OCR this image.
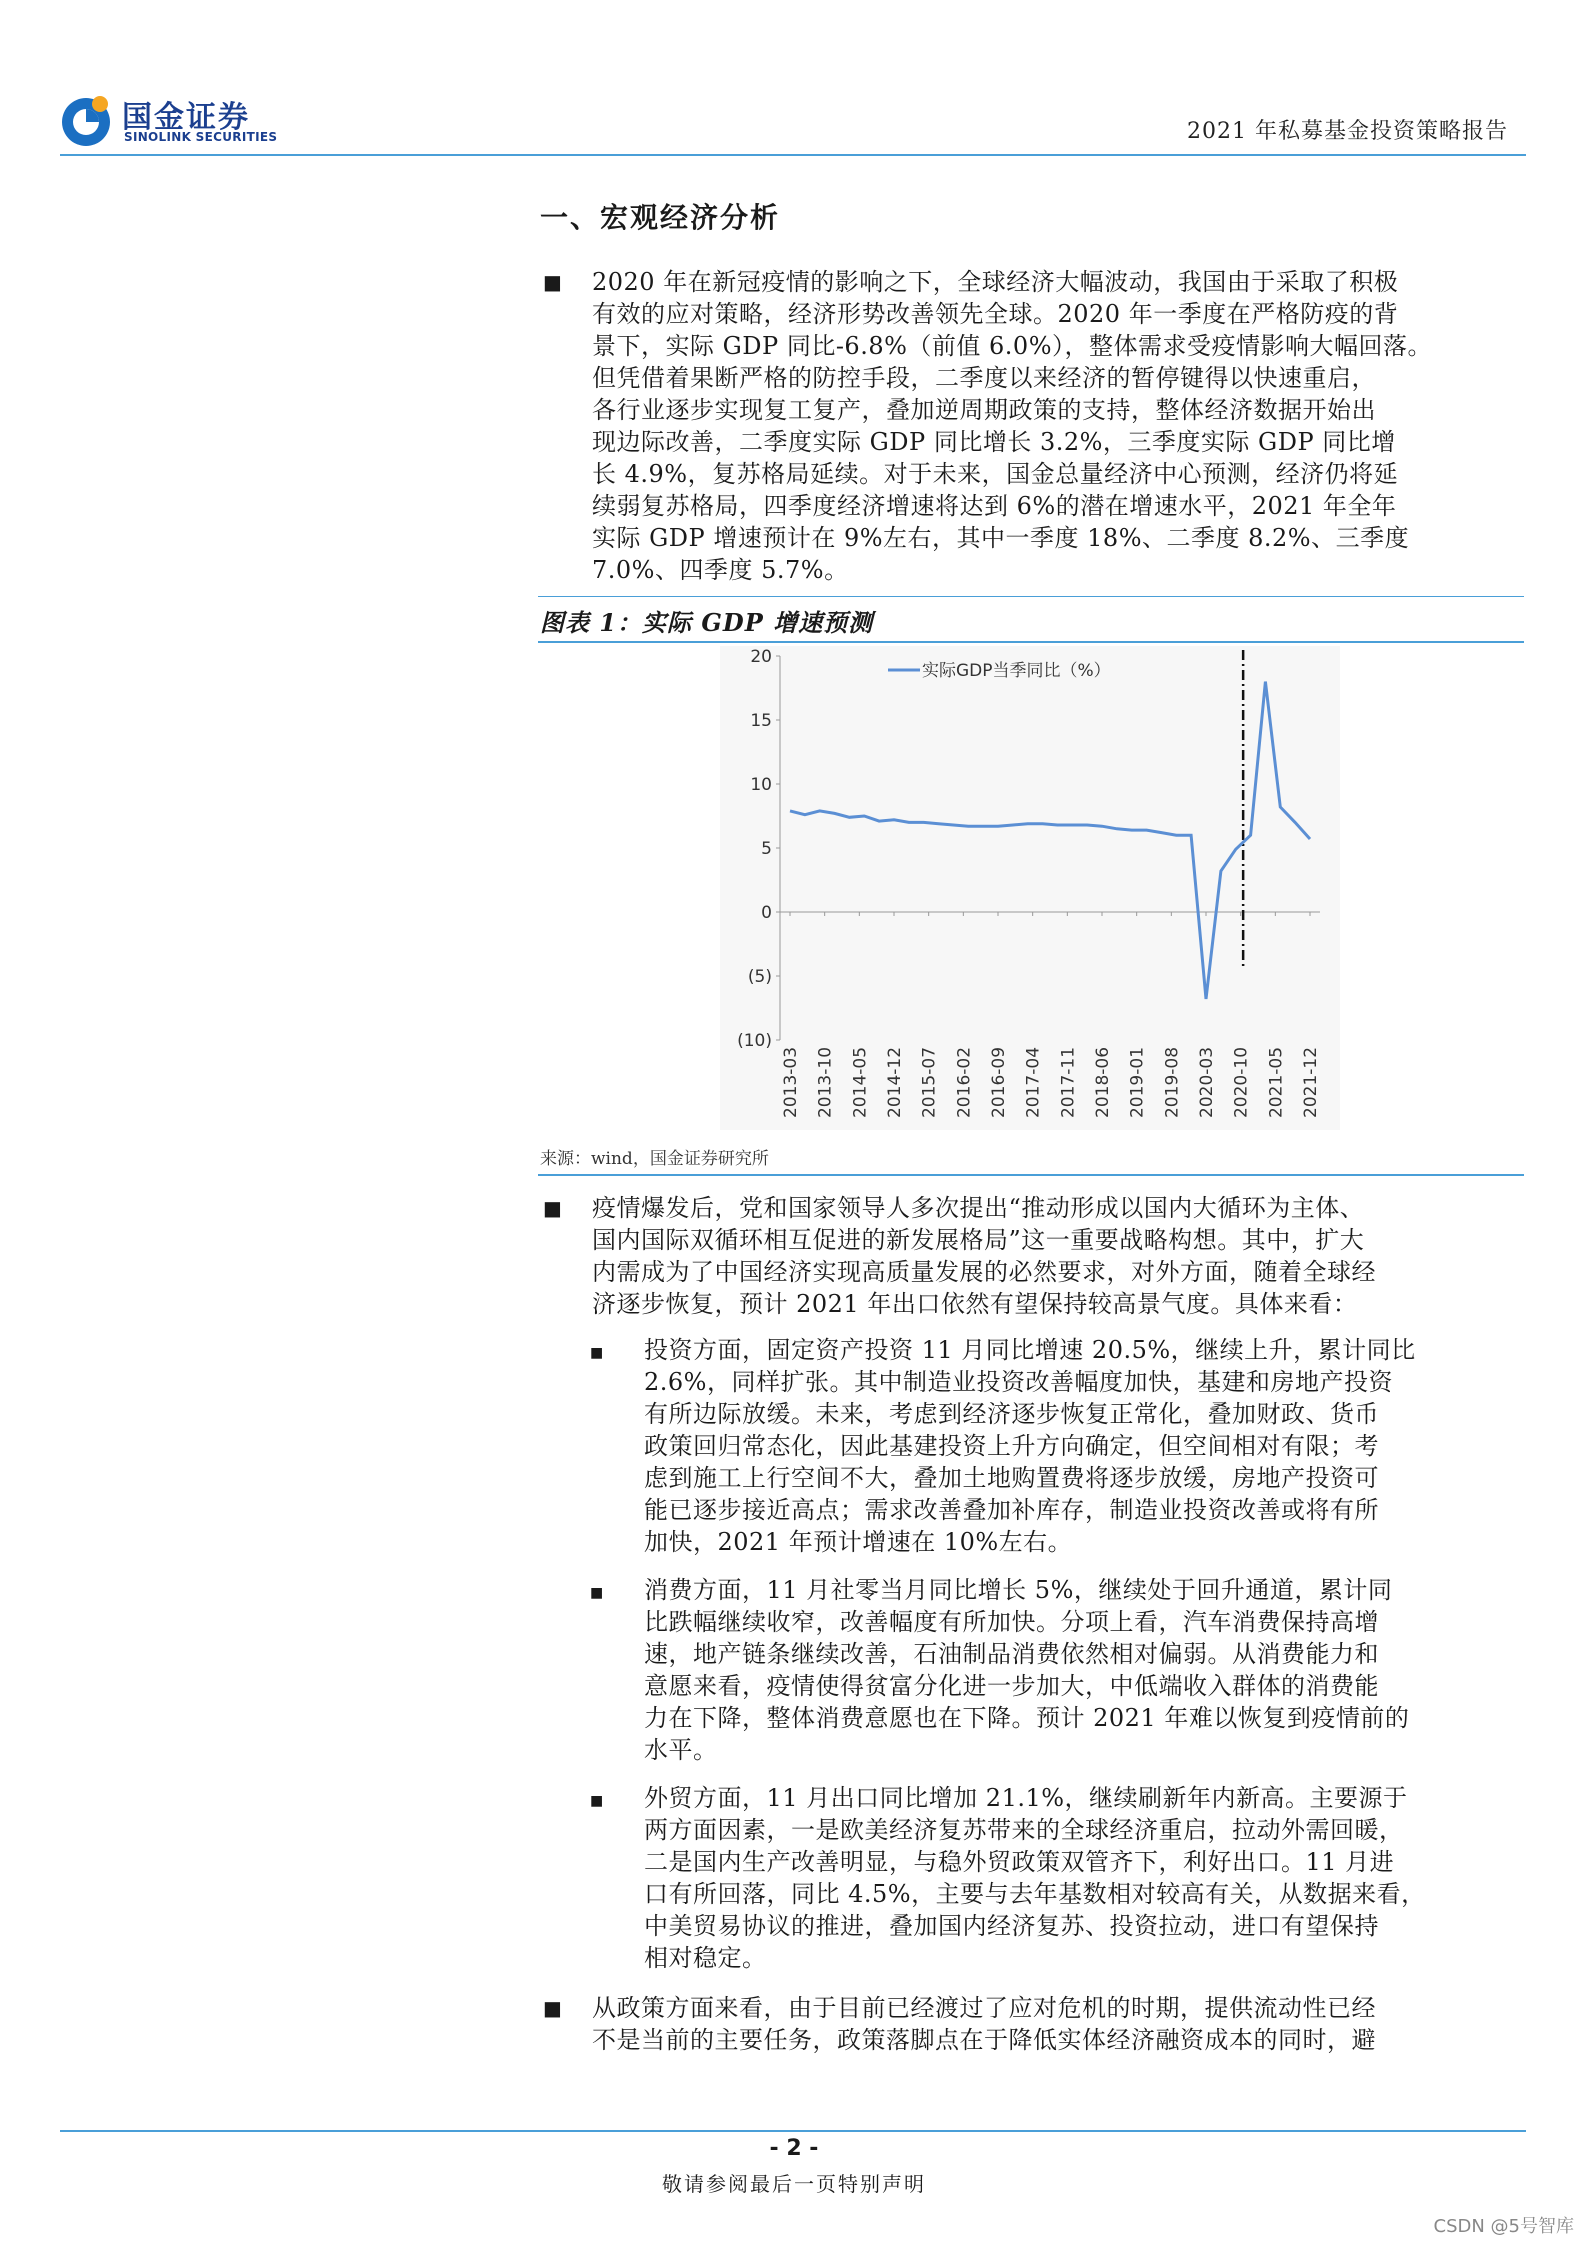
国金证券
SINOLINK SECURITIES	2021 年私募基金投资策略报告
一、宏观经济分析
■ 2020 年在新冠疫情的影响之下，全球经济大幅波动，我国由于采取了积极
有效的应对策略，经济形势改善领先全球。2020 年一季度在严格防疫的背
景下，实际 GDP 同比-6.8%（前值 6.0%），整体需求受疫情影响大幅回落。
但凭借着果断严格的防控手段，二季度以来经济的暂停键得以快速重启，
各行业逐步实现复工复产，叠加逆周期政策的支持，整体经济数据开始出
现边际改善，二季度实际 GDP 同比增长 3.2%，三季度实际 GDP 同比增
长 4.9%，复苏格局延续。对于未来，国金总量经济中心预测，经济仍将延
续弱复苏格局，四季度经济增速将达到 6%的潜在增速水平，2021 年全年
实际 GDP 增速预计在 9%左右，其中一季度 18%、二季度 8.2%、三季度
7.0%、四季度 5.7%。
图表 1：实际 GDP 增速预测
20
15
10
5
0
(5)
(10)
2013-03 2013-10 2014-05 2014-12 2015-07 2016-02 2016-09 2017-04 2017-11 2018-06 2019-01 2019-08 2020-03 2020-10 2021-05 2021-12
实际GDP当季同比（%）
来源：wind，国金证券研究所
■ 疫情爆发后，党和国家领导人多次提出“推动形成以国内大循环为主体、
国内国际双循环相互促进的新发展格局”这一重要战略构想。其中，扩大
内需成为了中国经济实现高质量发展的必然要求，对外方面，随着全球经
济逐步恢复，预计 2021 年出口依然有望保持较高景气度。具体来看：
■ 投资方面，固定资产投资 11 月同比增速 20.5%，继续上升，累计同比
2.6%，同样扩张。其中制造业投资改善幅度加快，基建和房地产投资
有所边际放缓。未来，考虑到经济逐步恢复正常化，叠加财政、货币
政策回归常态化，因此基建投资上升方向确定，但空间相对有限；考
虑到施工上行空间不大，叠加土地购置费将逐步放缓，房地产投资可
能已逐步接近高点；需求改善叠加补库存，制造业投资改善或将有所
加快，2021 年预计增速在 10%左右。
■ 消费方面，11 月社零当月同比增长 5%，继续处于回升通道，累计同
比跌幅继续收窄，改善幅度有所加快。分项上看，汽车消费保持高增
速，地产链条继续改善，石油制品消费依然相对偏弱。从消费能力和
意愿来看，疫情使得贫富分化进一步加大，中低端收入群体的消费能
力在下降，整体消费意愿也在下降。预计 2021 年难以恢复到疫情前的
水平。
■ 外贸方面，11 月出口同比增加 21.1%，继续刷新年内新高。主要源于
两方面因素，一是欧美经济复苏带来的全球经济重启，拉动外需回暖，
二是国内生产改善明显，与稳外贸政策双管齐下，利好出口。11 月进
口有所回落，同比 4.5%，主要与去年基数相对较高有关，从数据来看，
中美贸易协议的推进，叠加国内经济复苏、投资拉动，进口有望保持
相对稳定。
■ 从政策方面来看，由于目前已经渡过了应对危机的时期，提供流动性已经
不是当前的主要任务，政策落脚点在于降低实体经济融资成本的同时，避
- 2 -
敬请参阅最后一页特别声明
CSDN @5号智库
